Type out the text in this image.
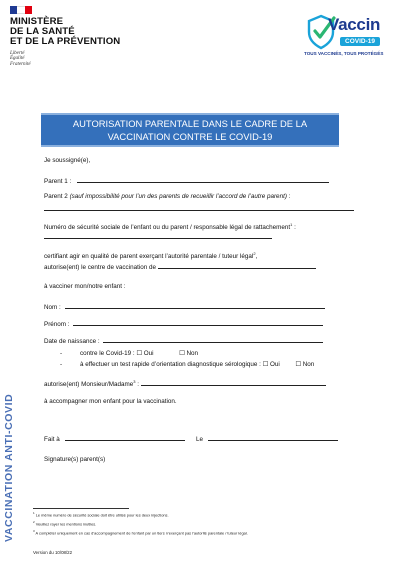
MINISTÈRE
DE LA SANTÉ
ET DE LA PRÉVENTION
Liberté
Égalité
Fraternité
Vaccin
COVID-19
TOUS VACCINÉS, TOUS PROTÉGÉS
AUTORISATION PARENTALE DANS LE CADRE DE LA
VACCINATION CONTRE LE COVID-19
VACCINATION ANTI-COVID
Je soussigné(e),
Parent 1 :
Parent 2 (sauf impossibilité pour l’un des parents de recueillir l’accord de l’autre parent) :
Numéro de sécurité sociale de l’enfant ou du parent / responsable légal de rattachement$^1$ :
certifiant agir en qualité de parent exerçant l’autorité parentale / tuteur légal$^2$,
autorise(ent) le centre de vaccination de
à vacciner mon/notre enfant :
Nom :
Prénom :
Date de naissance :
-	contre le Covid-19 : ☐ Oui	☐ Non
-	à effectuer un test rapide d’orientation diagnostique sérologique : ☐ Oui ☐ Non
autorise(ent) Monsieur/Madame$^3$ :
à accompagner mon enfant pour la vaccination.
Fait à	Le
Signature(s) parent(s)
$^1$ Le même numéro de sécurité sociale doit être utilisé pour les deux injections.
$^2$ Veuillez rayer les mentions inutiles.
$^3$ A compléter uniquement en cas d’accompagnement de l’enfant par un tiers n’exerçant pas l’autorité parentale / tuteur légal.
Version du 10/08/22
